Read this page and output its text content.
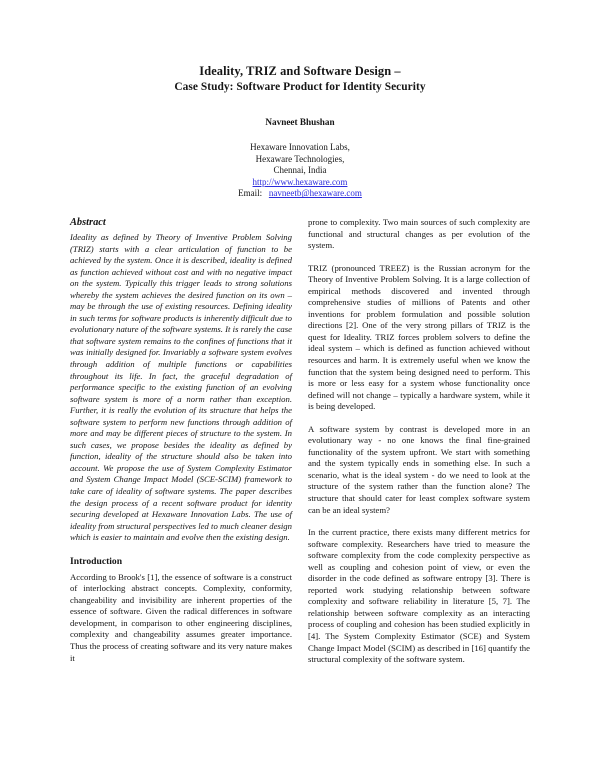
Ideality, TRIZ and Software Design –
Case Study: Software Product for Identity Security
Navneet Bhushan
Hexaware Innovation Labs,
Hexaware Technologies,
Chennai, India
http://www.hexaware.com
Email: navneetb@hexaware.com
Abstract

Ideality as defined by Theory of Inventive Problem Solving (TRIZ) starts with a clear articulation of function to be achieved by the system. Once it is described, ideality is defined as function achieved without cost and with no negative impact on the system. Typically this trigger leads to strong solutions whereby the system achieves the desired function on its own – may be through the use of existing resources. Defining ideality in such terms for software products is inherently difficult due to evolutionary nature of the software systems. It is rarely the case that software system remains to the confines of functions that it was initially designed for. Invariably a software system evolves through addition of multiple functions or capabilities throughout its life. In fact, the graceful degradation of performance specific to the existing function of an evolving software system is more of a norm rather than exception. Further, it is really the evolution of its structure that helps the software system to perform new functions through addition of more and may be different pieces of structure to the system. In such cases, we propose besides the ideality as defined by function, ideality of the structure should also be taken into account. We propose the use of System Complexity Estimator and System Change Impact Model (SCE-SCIM) framework to take care of ideality of software systems. The paper describes the design process of a recent software product for identity securing developed at Hexaware Innovation Labs. The use of ideality from structural perspectives led to much cleaner design which is easier to maintain and evolve then the existing design.

Introduction

According to Brook's [1], the essence of software is a construct of interlocking abstract concepts. Complexity, conformity, changeability and invisibility are inherent properties of the essence of software. Given the radical differences in software development, in comparison to other engineering disciplines, complexity and changeability assumes greater importance. Thus the process of creating software and its very nature makes it

prone to complexity. Two main sources of such complexity are functional and structural changes as per evolution of the system.

TRIZ (pronounced TREEZ) is the Russian acronym for the Theory of Inventive Problem Solving. It is a large collection of empirical methods discovered and invented through comprehensive studies of millions of Patents and other inventions for problem formulation and possible solution directions [2]. One of the very strong pillars of TRIZ is the quest for Ideality. TRIZ forces problem solvers to define the ideal system – which is defined as function achieved without resources and harm. It is extremely useful when we know the function that the system being designed need to perform. This is more or less easy for a system whose functionality once defined will not change – typically a hardware system, while it is being developed.

A software system by contrast is developed more in an evolutionary way - no one knows the final fine-grained functionality of the system upfront. We start with something and the system typically ends in something else. In such a scenario, what is the ideal system - do we need to look at the structure of the system rather than the function alone? The structure that should cater for least complex software system can be an ideal system?

In the current practice, there exists many different metrics for software complexity. Researchers have tried to measure the software complexity from the code complexity perspective as well as coupling and cohesion point of view, or even the disorder in the code defined as software entropy [3]. There is reported work studying relationship between software complexity and software reliability in literature [5, 7]. The relationship between software complexity as an interacting process of coupling and cohesion has been studied explicitly in [4]. The System Complexity Estimator (SCE) and System Change Impact Model (SCIM) as described in [16] quantify the structural complexity of the software system.
